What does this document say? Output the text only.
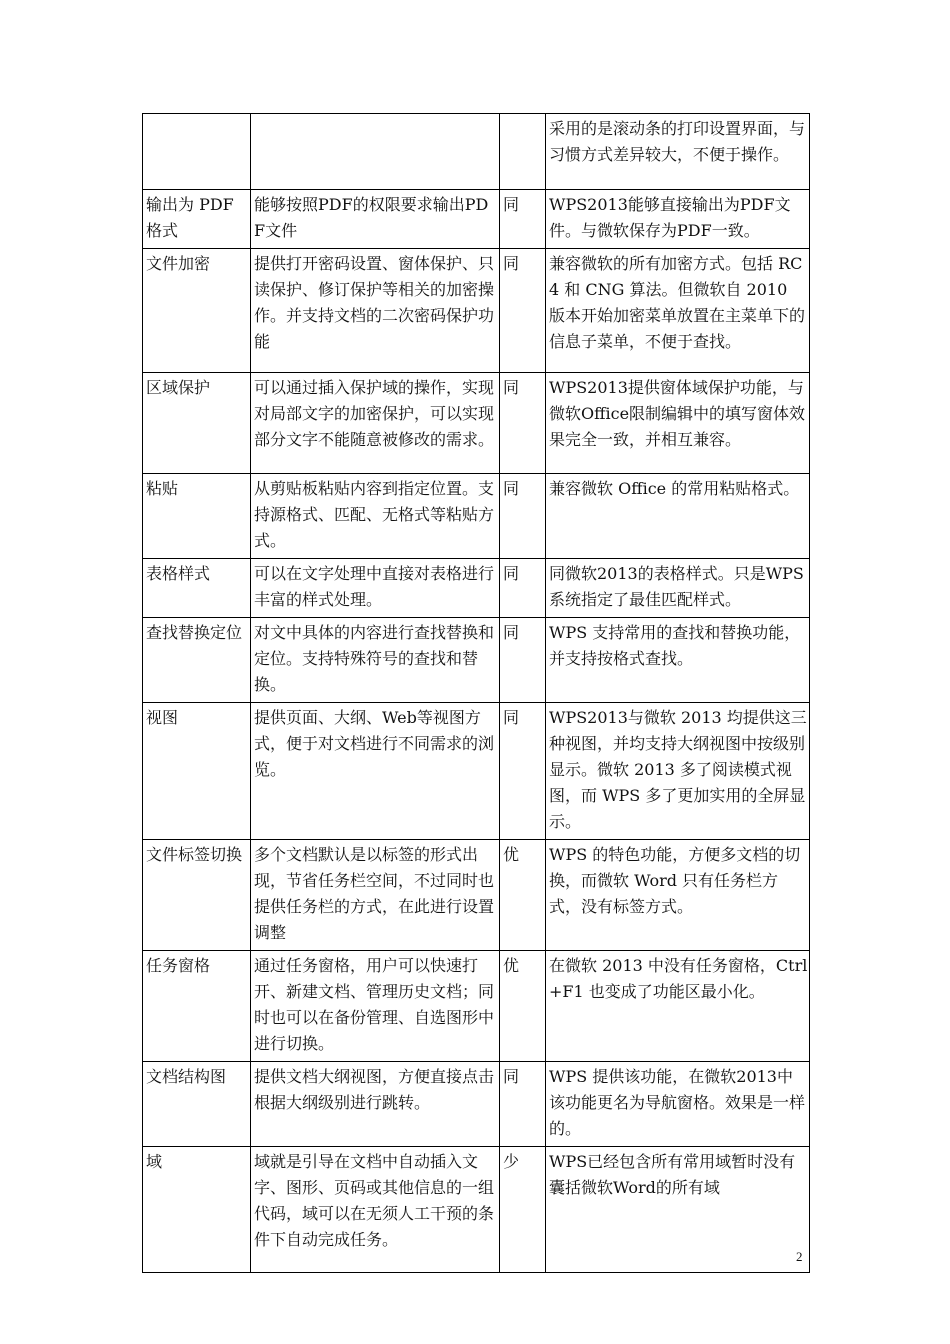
			采用的是滚动条的打印设置界面，与习惯方式差异较大，不便于操作。
输出为 PDF格式	能够按照PDF的权限要求输出PDF文件	同	WPS2013能够直接输出为PDF文件。与微软保存为PDF一致。
文件加密	提供打开密码设置、窗体保护、只读保护、修订保护等相关的加密操作。并支持文档的二次密码保护功能	同	兼容微软的所有加密方式。包括 RC4 和 CNG 算法。但微软自 2010 版本开始加密菜单放置在主菜单下的信息子菜单，不便于查找。
区域保护	可以通过插入保护域的操作，实现对局部文字的加密保护，可以实现部分文字不能随意被修改的需求。	同	WPS2013提供窗体域保护功能，与微软Office限制编辑中的填写窗体效果完全一致，并相互兼容。
粘贴	从剪贴板粘贴内容到指定位置。支持源格式、匹配、无格式等粘贴方式。	同	兼容微软 Office 的常用粘贴格式。
表格样式	可以在文字处理中直接对表格进行丰富的样式处理。	同	同微软2013的表格样式。只是WPS系统指定了最佳匹配样式。
查找替换定位	对文中具体的内容进行查找替换和定位。支持特殊符号的查找和替换。	同	WPS 支持常用的查找和替换功能，并支持按格式查找。
视图	提供页面、大纲、Web等视图方式，便于对文档进行不同需求的浏览。	同	WPS2013与微软 2013 均提供这三种视图，并均支持大纲视图中按级别显示。微软 2013 多了阅读模式视图，而 WPS 多了更加实用的全屏显示。
文件标签切换	多个文档默认是以标签的形式出现，节省任务栏空间，不过同时也提供任务栏的方式，在此进行设置调整	优	WPS 的特色功能，方便多文档的切换，而微软 Word 只有任务栏方式，没有标签方式。
任务窗格	通过任务窗格，用户可以快速打开、新建文档、管理历史文档；同时也可以在备份管理、自选图形中进行切换。	优	在微软 2013 中没有任务窗格，Ctrl+F1 也变成了功能区最小化。
文档结构图	提供文档大纲视图，方便直接点击根据大纲级别进行跳转。	同	WPS 提供该功能，在微软2013中该功能更名为导航窗格。效果是一样的。
域	域就是引导在文档中自动插入文字、图形、页码或其他信息的一组代码，域可以在无须人工干预的条件下自动完成任务。	少	WPS已经包含所有常用域暂时没有囊括微软Word的所有域
2
